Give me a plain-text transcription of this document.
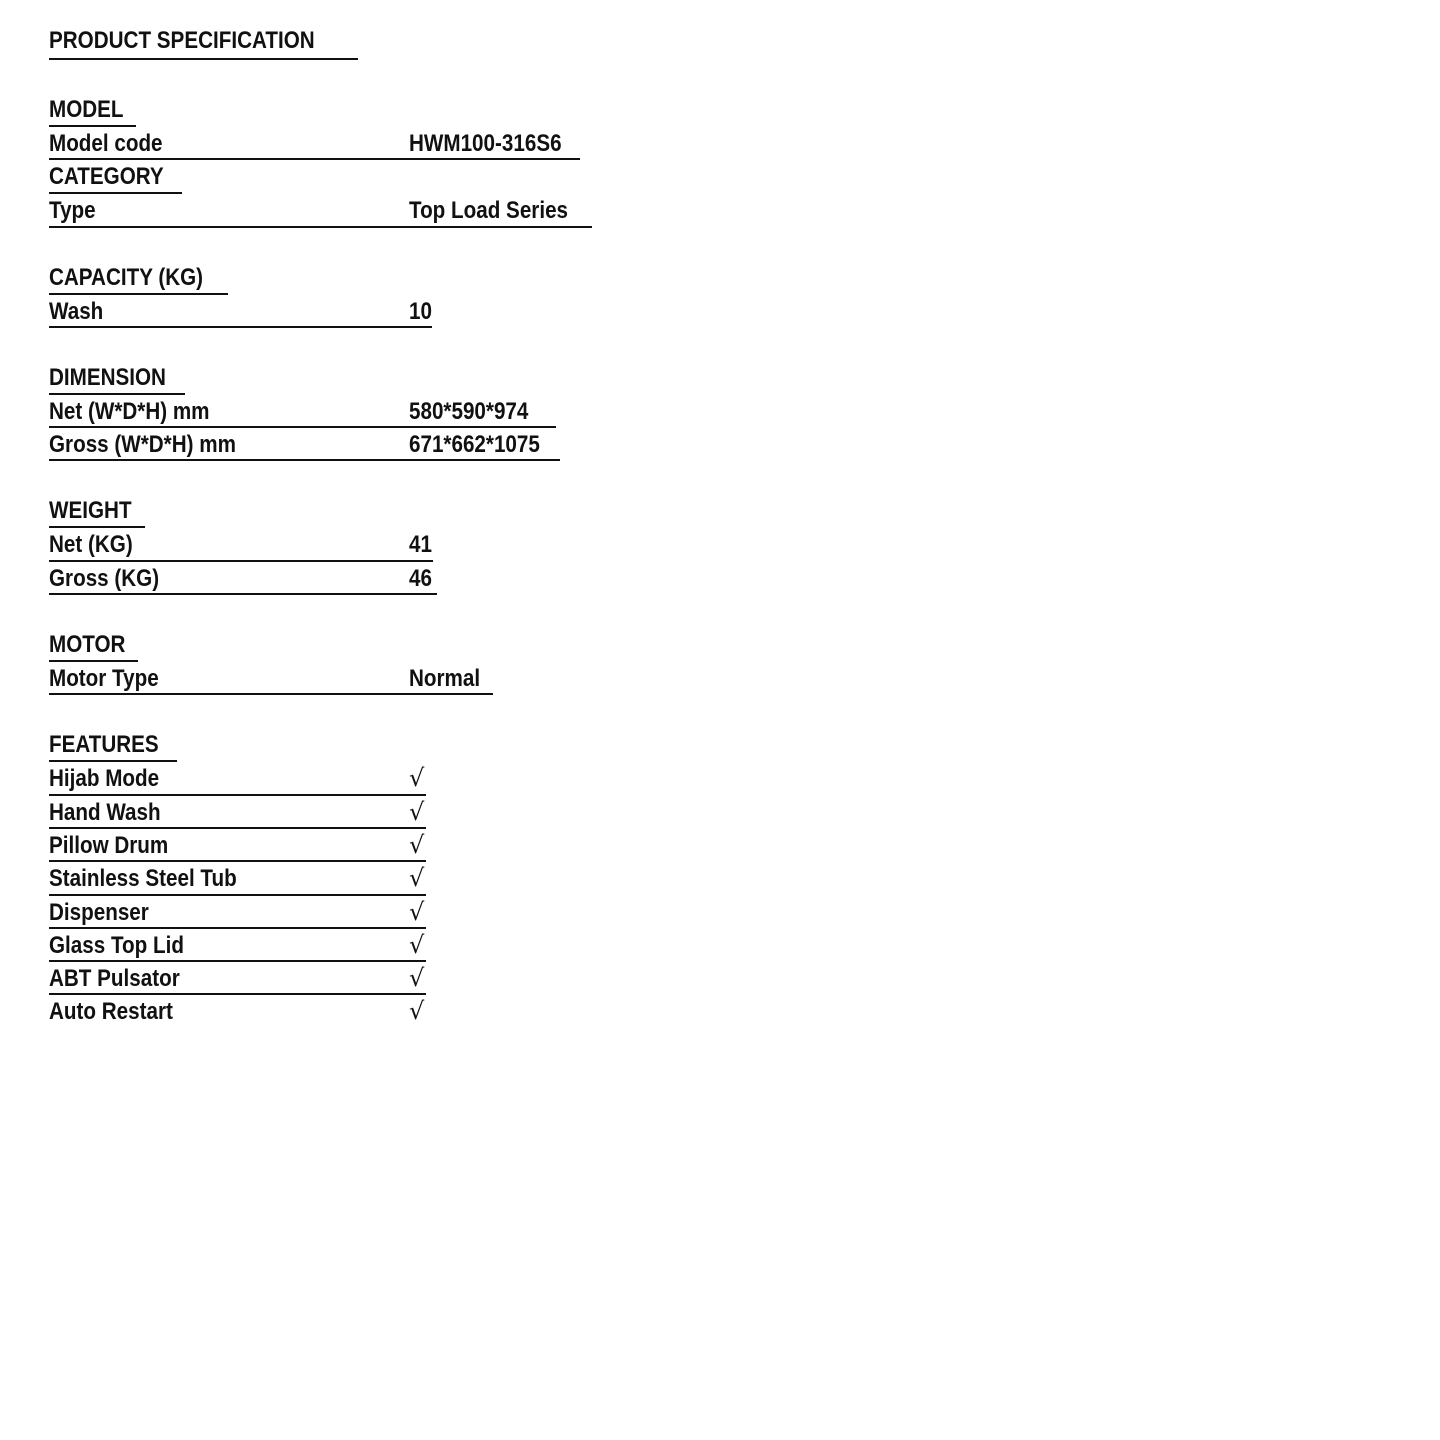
PRODUCT SPECIFICATION
MODEL
Model code	HWM100-316S6
CATEGORY
Type	Top Load Series
CAPACITY (KG)
Wash	10
DIMENSION
Net (W*D*H) mm	580*590*974
Gross (W*D*H) mm	671*662*1075
WEIGHT
Net (KG)	41
Gross (KG)	46
MOTOR
Motor Type	Normal
FEATURES
Hijab Mode	√
Hand Wash	√
Pillow Drum	√
Stainless Steel Tub	√
Dispenser	√
Glass Top Lid	√
ABT Pulsator	√
Auto Restart	√
